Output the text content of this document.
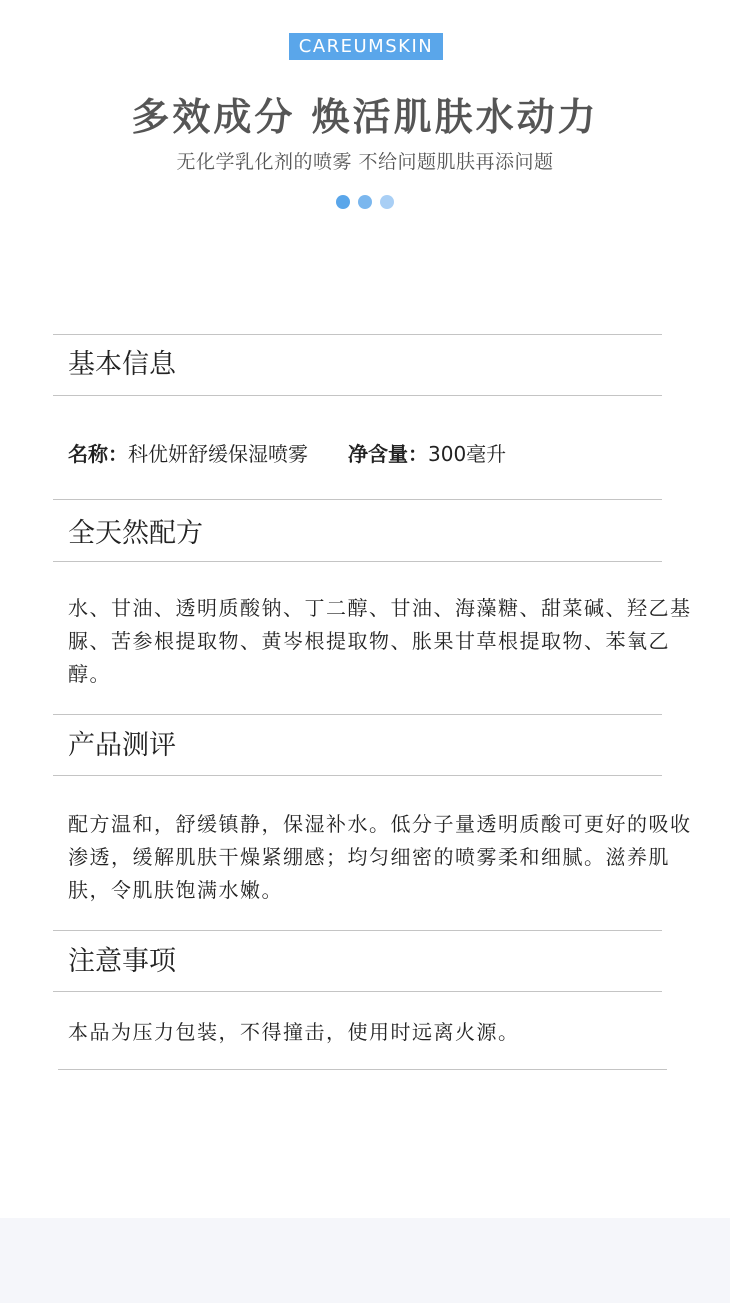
CAREUMSKIN
多效成分 焕活肌肤水动力
无化学乳化剂的喷雾 不给问题肌肤再添问题
基本信息
名称：科优妍舒缓保湿喷雾 净含量：300毫升
全天然配方
水、甘油、透明质酸钠、丁二醇、甘油、海藻糖、甜菜碱、羟乙基脲、苦参根提取物、黄岑根提取物、胀果甘草根提取物、苯氧乙醇。
产品测评
配方温和，舒缓镇静，保湿补水。低分子量透明质酸可更好的吸收渗透，缓解肌肤干燥紧绷感；均匀细密的喷雾柔和细腻。滋养肌肤，令肌肤饱满水嫩。
注意事项
本品为压力包装，不得撞击，使用时远离火源。
